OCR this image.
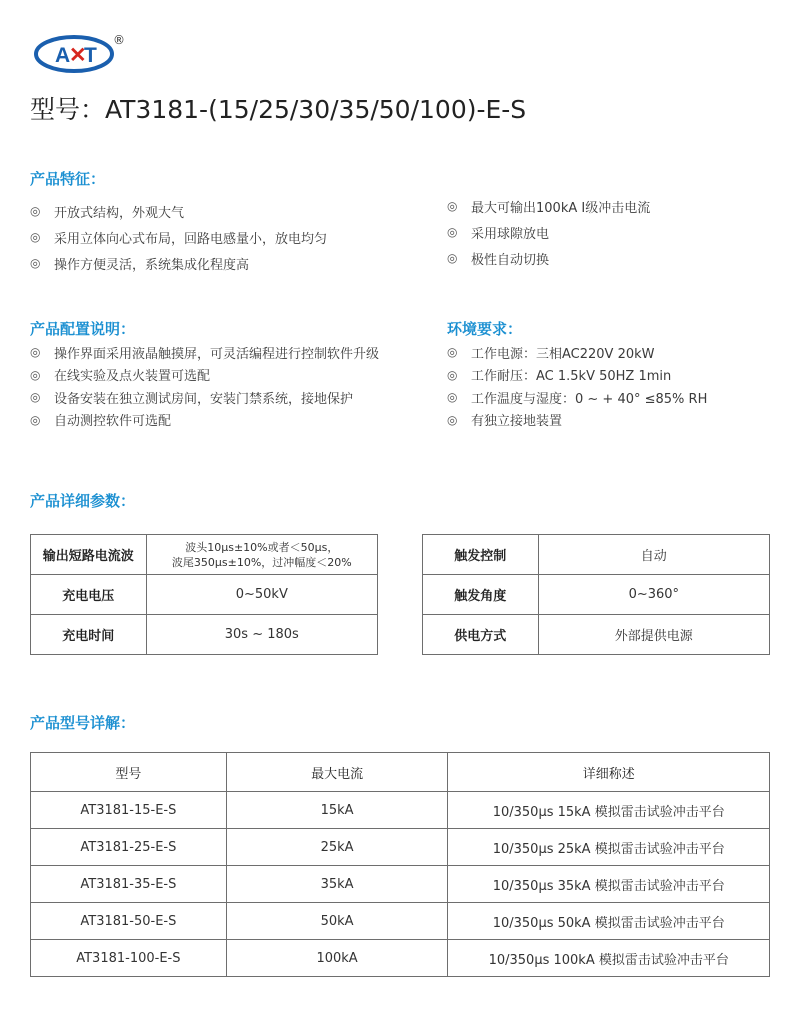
A
✕
T
®
型号：AT3181-(15/25/30/35/50/100)-E-S
产品特征：
◎	开放式结构，外观大气
◎	采用立体向心式布局，回路电感量小，放电均匀
◎	操作方便灵活，系统集成化程度高
◎	最大可输出100kA Ⅰ级冲击电流
◎	采用球隙放电
◎	极性自动切换
产品配置说明：
◎	操作界面采用液晶触摸屏，可灵活编程进行控制软件升级
◎	在线实验及点火装置可选配
◎	设备安装在独立测试房间，安装门禁系统，接地保护
◎	自动测控软件可选配
环境要求：
◎	工作电源：三相AC220V 20kW
◎	工作耐压：AC 1.5kV 50HZ 1min
◎	工作温度与湿度：0 ~ + 40° ≤85% RH
◎	有独立接地装置
产品详细参数：
输出短路电流波	波头10μs±10%或者＜50μs，
波尾350μs±10%，过冲幅度＜20%

充电电压	0~50kV
充电时间	30s ~ 180s
触发控制	自动
触发角度	0~360°
供电方式	外部提供电源
产品型号详解：
型号	最大电流	详细称述
AT3181-15-E-S	15kA	10/350μs 15kA 模拟雷击试验冲击平台
AT3181-25-E-S	25kA	10/350μs 25kA 模拟雷击试验冲击平台
AT3181-35-E-S	35kA	10/350μs 35kA 模拟雷击试验冲击平台
AT3181-50-E-S	50kA	10/350μs 50kA 模拟雷击试验冲击平台
AT3181-100-E-S	100kA	10/350μs 100kA 模拟雷击试验冲击平台
